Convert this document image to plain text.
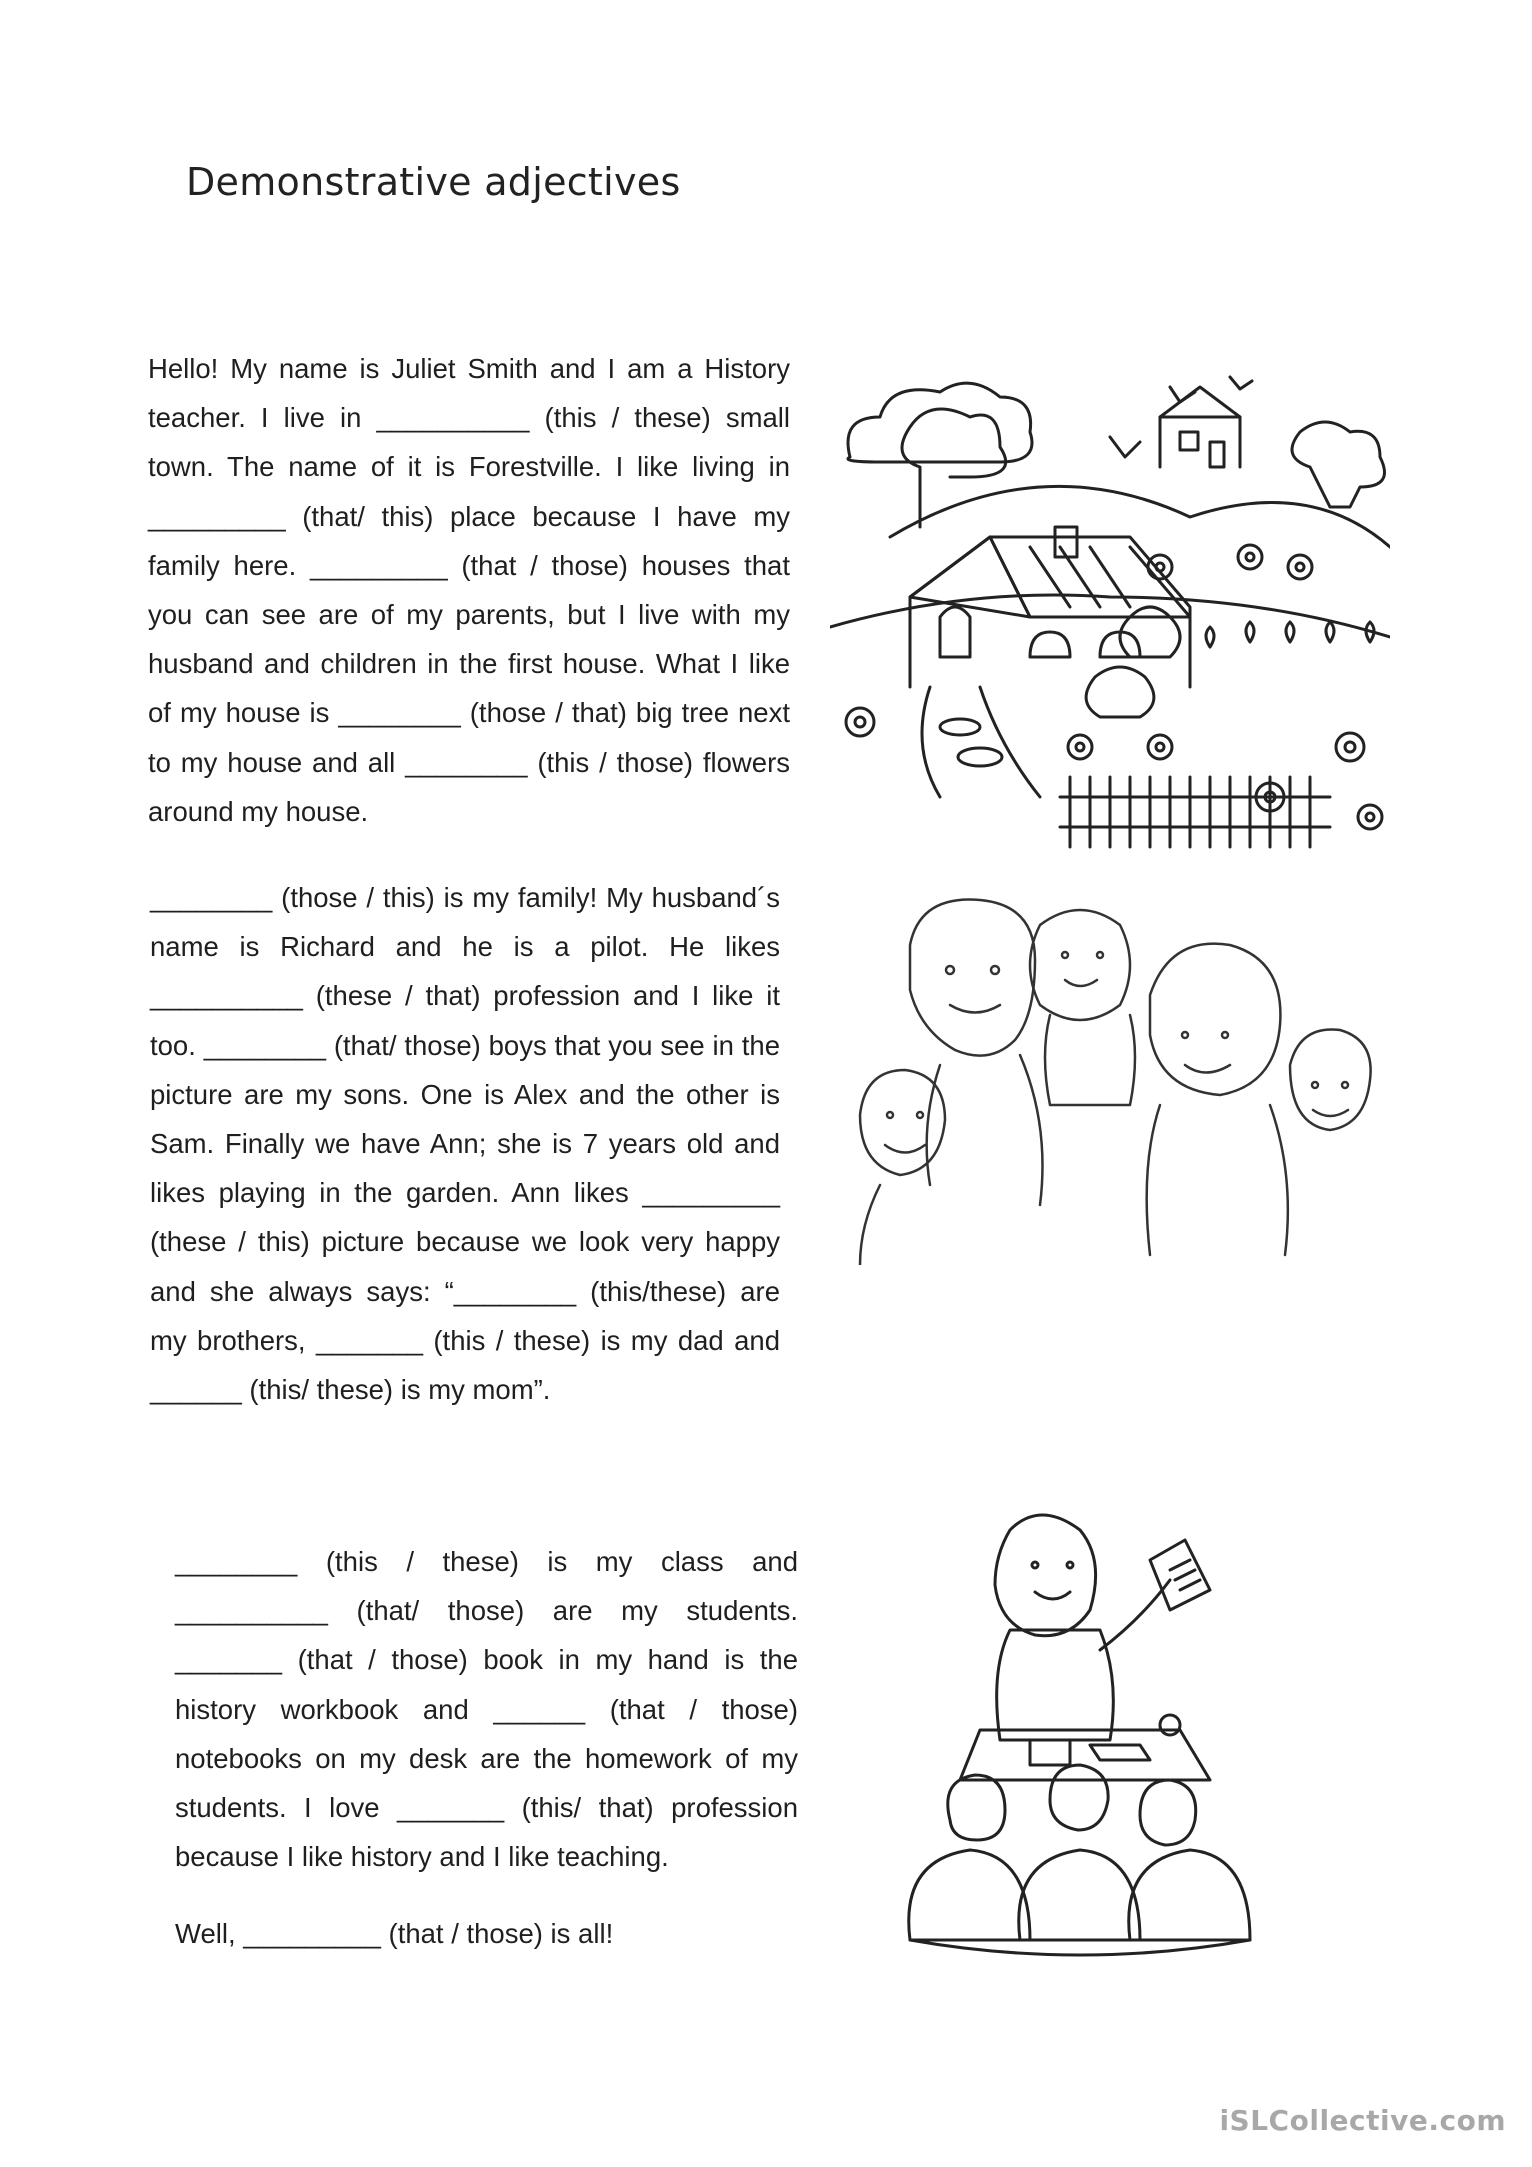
Demonstrative adjectives

Hello! My name is Juliet Smith and I am a History teacher. I live in __________ (this / these) small town. The name of it is Forestville. I like living in _________ (that/ this) place because I have my family here. _________ (that / those) houses that you can see are of my parents, but I live with my husband and children in the first house. What I like of my house is ________ (those / that) big tree next to my house and all ________ (this / those) flowers around my house.

________ (those / this) is my family! My husband´s name is Richard and he is a pilot. He likes __________ (these / that) profession and I like it too. ________ (that/ those) boys that you see in the picture are my sons. One is Alex and the other is Sam. Finally we have Ann; she is 7 years old and likes playing in the garden. Ann likes _________ (these / this) picture because we look very happy and she always says: “________ (this/these) are my brothers, _______ (this / these) is my dad and ______ (this/ these) is my mom”.

________ (this / these) is my class and __________ (that/ those) are my students. _______ (that / those) book in my hand is the history workbook and ______ (that / those) notebooks on my desk are the homework of my students. I love _______ (this/ that) profession because I like history and I like teaching.

Well, _________ (that / those) is all!

iSLCollective.com
